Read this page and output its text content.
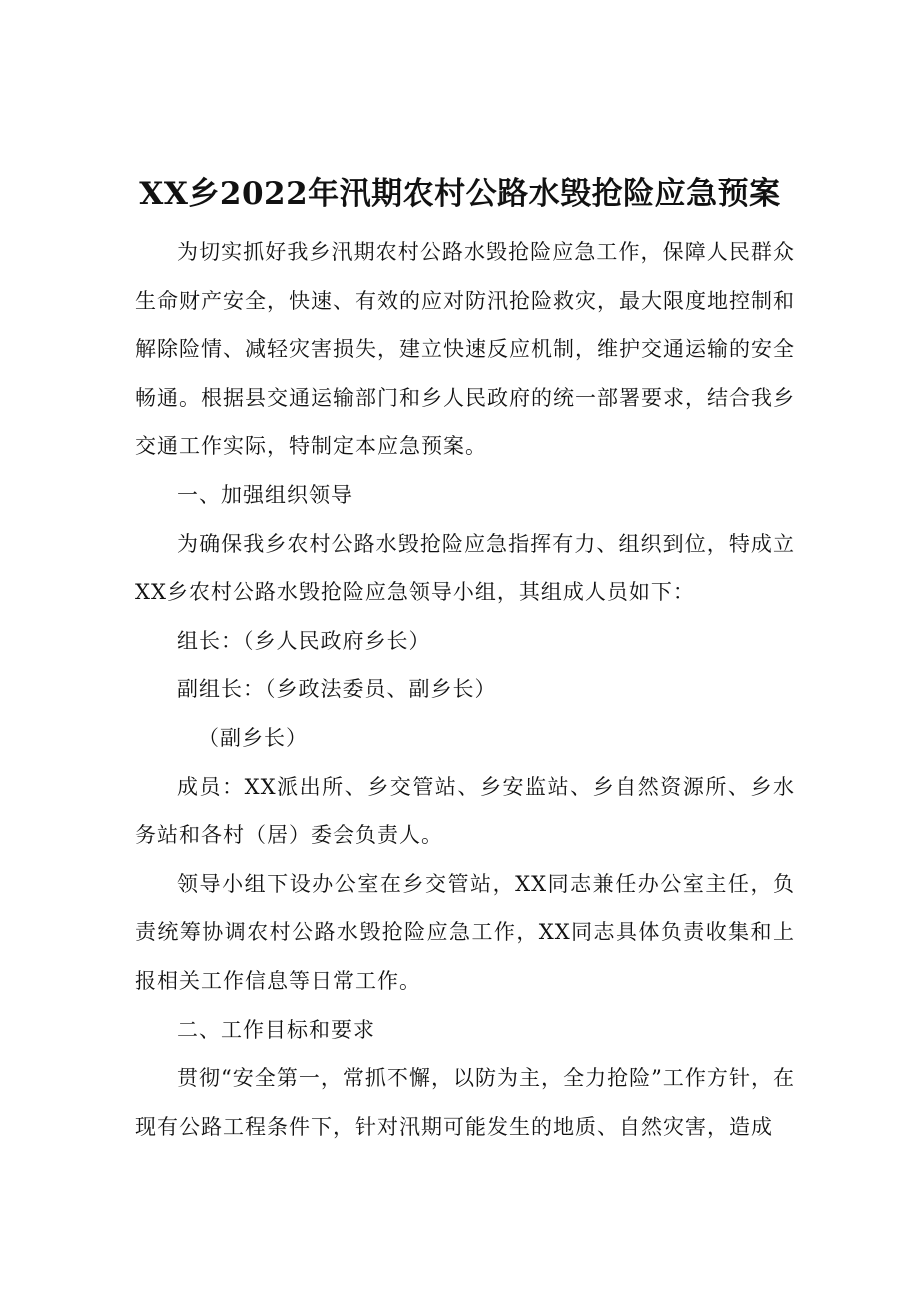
XX乡2022年汛期农村公路水毁抢险应急预案

为切实抓好我乡汛期农村公路水毁抢险应急工作，保障人民群众生命财产安全，快速、有效的应对防汛抢险救灾，最大限度地控制和解除险情、减轻灾害损失，建立快速反应机制，维护交通运输的安全畅通。根据县交通运输部门和乡人民政府的统一部署要求，结合我乡交通工作实际，特制定本应急预案。

一、加强组织领导

为确保我乡农村公路水毁抢险应急指挥有力、组织到位，特成立XX乡农村公路水毁抢险应急领导小组，其组成人员如下：

组长：（乡人民政府乡长）

副组长：（乡政法委员、副乡长）

（副乡长）

成员：XX派出所、乡交管站、乡安监站、乡自然资源所、乡水务站和各村（居）委会负责人。

领导小组下设办公室在乡交管站，XX同志兼任办公室主任，负责统筹协调农村公路水毁抢险应急工作，XX同志具体负责收集和上报相关工作信息等日常工作。

二、工作目标和要求

贯彻“安全第一，常抓不懈，以防为主，全力抢险”工作方针，在现有公路工程条件下，针对汛期可能发生的地质、自然灾害，造成
